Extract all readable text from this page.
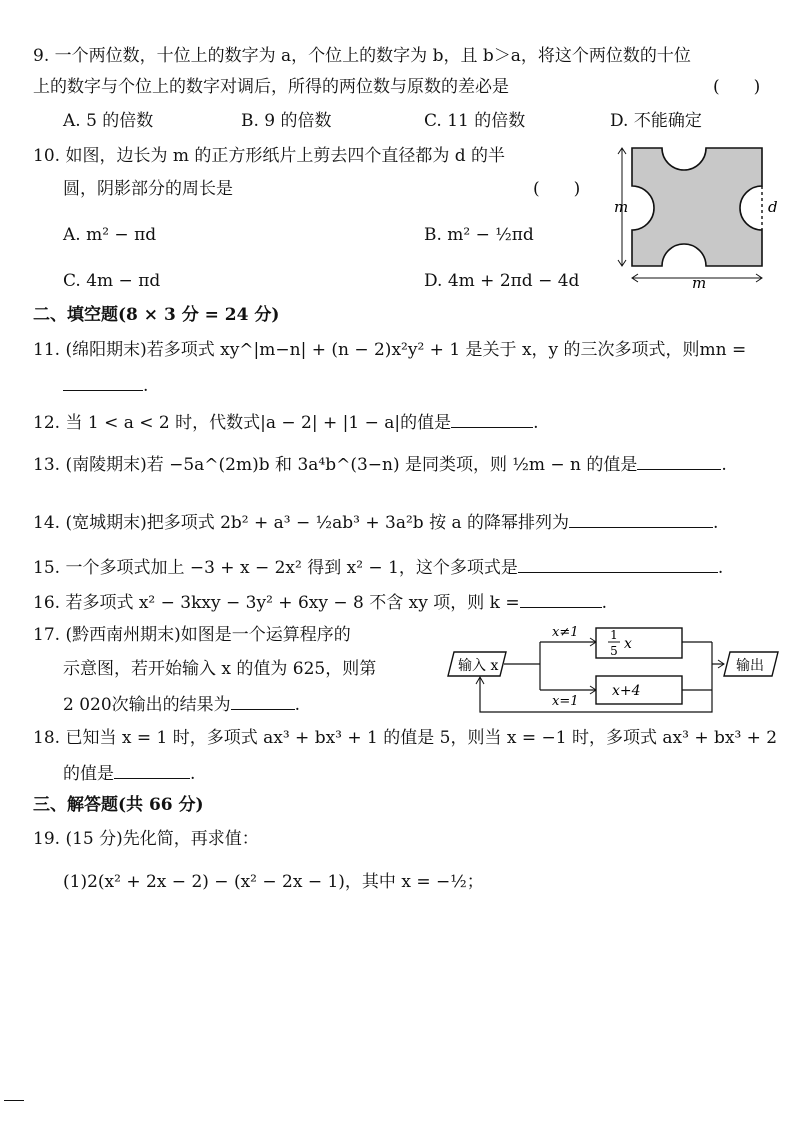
9. 一个两位数，十位上的数字为 a，个位上的数字为 b，且 b＞a，将这个两位数的十位
上的数字与个位上的数字对调后，所得的两位数与原数的差必是	(　　)
A. 5 的倍数	B. 9 的倍数	C. 11 的倍数	D. 不能确定
10. 如图，边长为 m 的正方形纸片上剪去四个直径都为 d 的半
圆，阴影部分的周长是	(　　)
A. m² − πd	B. m² − ½πd
C. 4m − πd	D. 4m + 2πd − 4d
m
m
d
二、填空题(8 × 3 分 = 24 分)
11. (绵阳期末)若多项式 xy^|m−n| + (n − 2)x²y² + 1 是关于 x，y 的三次多项式，则mn =
.
12. 当 1 < a < 2 时，代数式|a − 2| + |1 − a|的值是	.
13. (南陵期末)若 −5a^(2m)b 和 3a⁴b^(3−n) 是同类项，则 ½m − n 的值是	.
14. (宽城期末)把多项式 2b² + a³ − ½ab³ + 3a²b 按 a 的降幂排列为	.
15. 一个多项式加上 −3 + x − 2x² 得到 x² − 1，这个多项式是	.
16. 若多项式 x² − 3kxy − 3y² + 6xy − 8 不含 xy 项，则 k =	.
17. (黔西南州期末)如图是一个运算程序的
示意图，若开始输入 x 的值为 625，则第
2 020次输出的结果为	.
输入 x
x≠1
x=1
1
5 x
x+4
输出
18. 已知当 x = 1 时，多项式 ax³ + bx³ + 1 的值是 5，则当 x = −1 时，多项式 ax³ + bx³ + 2
的值是	.
三、解答题(共 66 分)
19. (15 分)先化简，再求值：
(1)2(x² + 2x − 2) − (x² − 2x − 1)，其中 x = −½；
